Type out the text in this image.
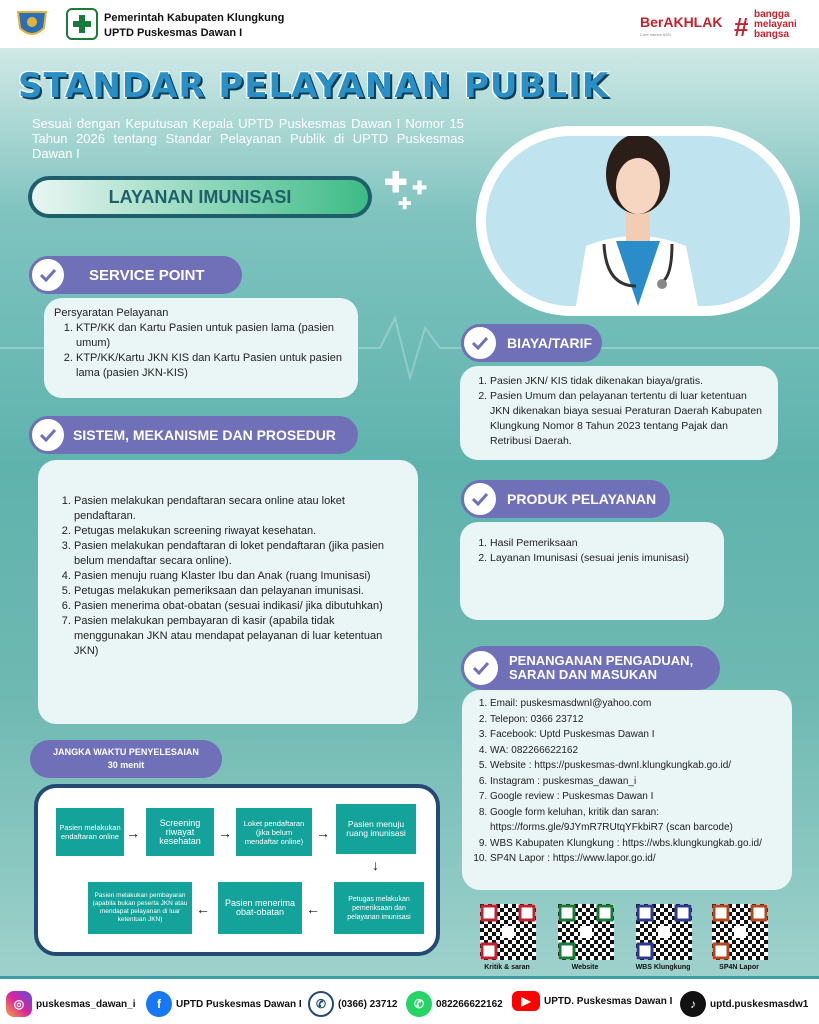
Pemerintah Kabupaten Klungkung
UPTD Puskesmas Dawan I
BerAKHLAK
Core Values ASN	# bangga
melayani
bangsa
STANDAR PELAYANAN PUBLIK
Sesuai dengan Keputusan Kepala UPTD Puskesmas Dawan I Nomor 15 Tahun 2026 tentang Standar Pelayanan Publik di UPTD Puskesmas Dawan I
LAYANAN IMUNISASI	✚ ✚
✚
SERVICE POINT
Persyaratan Pelayanan
1. KTP/KK dan Kartu Pasien untuk pasien lama (pasien umum)
2. KTP/KK/Kartu JKN KIS dan Kartu Pasien untuk pasien lama (pasien JKN-KIS)
SISTEM, MEKANISME DAN PROSEDUR
1. Pasien melakukan pendaftaran secara online atau loket pendaftaran.
2. Petugas melakukan screening riwayat kesehatan.
3. Pasien melakukan pendaftaran di loket pendaftaran (jika pasien belum mendaftar secara online).
4. Pasien menuju ruang Klaster Ibu dan Anak (ruang Imunisasi)
5. Petugas melakukan pemeriksaan dan pelayanan imunisasi.
6. Pasien menerima obat-obatan (sesuai indikasi/ jika dibutuhkan)
7. Pasien melakukan pembayaran di kasir (apabila tidak menggunakan JKN atau mendapat pelayanan di luar ketentuan JKN)
JANGKA WAKTU PENYELESAIAN
30 menit
Pasien melakukan endaftaran online →
Screening riwayat kesehatan	→
Loket pendaftaran (jika belum mendaftar online) →
Pasien menuju ruang imunisasi
↓
Petugas melakukan pemeriksaan dan pelayanan imunisasi
←
Pasien menerima obat-obatan
←
Pasien melakukan pembayaran (apabila bukan peserta JKN atau mendapat pelayanan di luar ketentuan JKN)
BIAYA/TARIF
1. Pasien JKN/ KIS tidak dikenakan biaya/gratis.
2. Pasien Umum dan pelayanan tertentu di luar ketentuan JKN dikenakan biaya sesuai Peraturan Daerah Kabupaten Klungkung Nomor 8 Tahun 2023 tentang Pajak dan Retribusi Daerah.
PRODUK PELAYANAN
1. Hasil Pemeriksaan
2. Layanan Imunisasi (sesuai jenis imunisasi)
PENANGANAN PENGADUAN,
SARAN DAN MASUKAN
1. Email: puskesmasdwnI@yahoo.com
2. Telepon: 0366 23712
3. Facebook: Uptd Puskesmas Dawan I
4. WA: 082266622162
5. Website : https://puskesmas-dwnI.klungkungkab.go.id/
6. Instagram : puskesmas_dawan_i
7. Google review : Puskesmas Dawan I
8. Google form keluhan, kritik dan saran: https://forms.gle/9JYmR7RUtqYFkbiR7 (scan barcode)
9. WBS Kabupaten Klungkung : https://wbs.klungkungkab.go.id/
10. SP4N Lapor : https://www.lapor.go.id/
Kritik & saran	Website	WBS Klungkung	SP4N Lapor
◎	puskesmas_dawan_i	f	UPTD Puskesmas Dawan I	✆	(0366) 23712	✆	082266622162	▶	UPTD. Puskesmas Dawan I	♪	uptd.puskesmasdw1
